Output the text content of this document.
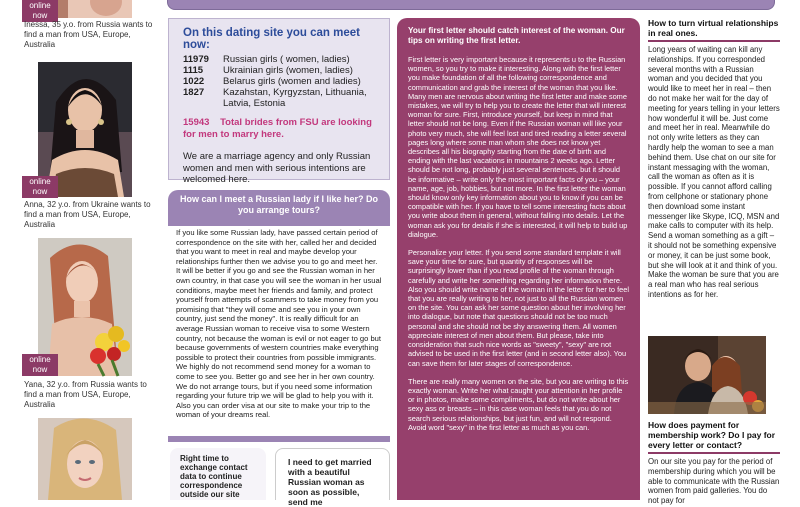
online now
Inessa, 35 y.o. from Russia wants to find a man from USA, Europe, Australia
online now
Anna, 32 y.o. from Ukraine wants to find a man from USA, Europe, Australia
online now
Yana, 32 y.o. from Russia wants to find a man from USA, Europe, Australia
On this dating site you can meet now:
11979	Russian girls ( women, ladies)
1115	Ukrainian girls (women, ladies)
1022	Belarus girls (women and ladies)
1827	Kazahstan, Kyrgyzstan, Lithuania, Latvia, Estonia
15943 Total brides from FSU are looking for men to marry here.
We are a marriage agency and only Russian women and men with serious intentions are welcomed here.
How can I meet a Russian lady if I like her? Do you arrange tours?
If you like some Russian lady, have passed certain period of correspondence on the site with her, called her and decided that you want to meet in real and maybe develop your relationships further then we advise you to go and meet her. It will be better if you go and see the Russian woman in her own country, in that case you will see the woman in her usual conditions, maybe meet her friends and family, and protect yourself from attempts of scammers to take money from you promising that "they will come and see you in your own country, just send the money". It is really difficult for an average Russian woman to receive visa to some Western country, not because the woman is evil or not eager to go but because governments of western countries make everything possible to protect their countries from possible immigrants. We highly do not recommend send money for a woman to come to see you. Better go and see her in her own country. We do not arrange tours, but if you need some information regarding your future trip we will be glad to help you with it. Also you can order visa at our site to make your trip to the woman of your dreams real.
Right time to exchange contact data to continue correspondence outside our site
I need to get married with a beautiful Russian woman as soon as possible, send me
Your first letter should catch interest of the woman. Our tips on writing the first letter.

First letter is very important because it represents u to the Russian women, so you try to make it interesting. Along with the first letter you make foundation of all the following correspondence and communication and grab the interest of the woman that you like. Many men are nervous about writing the first letter and make some mistakes, we will try to help you to create the letter that will interest woman for sure. First, introduce yourself, but keep in mind that letter should not be long. Even if the Russian woman will like your photo very much, she will feel lost and tired reading a letter several pages long where some man whom she does not know yet describes all his biography starting from the date of birth and ending with the last vacations in mountains 2 weeks ago. Letter should be not long, probably just several sentences, but it should be informative – write only the most important facts of you – your name, age, job, hobbies, but not more. In the first letter the woman should know only key information about you to know if you can be compatible with her. If you have to tell some interesting facts about you write about them in general, without falling into details. Let the woman ask you for details if she is interested, it will help to build up dialogue.

Personalize your letter. If you send some standard template it will save your time for sure, but quantity of responses will be surprisingly lower than if you read profile of the woman through carefully and write her something regarding her information there. Also you should write name of the woman in the letter for her to feel that you are really writing to her, not just to all the Russian women on the site. You can ask her some question about her involving her into dialogue, but note that questions should not be too much personal and she should not be shy answering them. All women appreciate interest of men about them. But please, take into consideration that such nice words as "sweety", "sexy" are not advised to be used in the first letter (and in second letter also). You can save them for later stages of correspondence.

There are really many women on the site, but you are writing to this exactly woman. Write her what caught your attention in her profile or in photos, make some compliments, but do not write about her sexy ass or breasts – in this case woman feels that you do not search serious relationships, but just fun, and will not respond. Avoid word "sexy" in the first letter as much as you can.

How to turn virtual relationships in real ones.

Long years of waiting can kill any relationships. If you corresponded several months with a Russian woman and you decided that you would like to meet her in real – then do not make her wait for the day of meeting for years telling in your letters how wonderful it will be. Just come and meet her in real. Meanwhile do not only write letters as they can hardly help the woman to see a man behind them. Use chat on our site for instant messaging with the woman, call the woman as often as it is possible. If you cannot afford calling from cellphone or stationary phone then download some instant messenger like Skype, ICQ, MSN and make calls to computer with its help. Send a woman something as a gift – it should not be something expensive or money, it can be just some book, but she will look at it and think of you. Make the woman be sure that you are a real man who has real serious intentions as for her.

How does payment for membership work? Do I pay for every letter or contact?

On our site you pay for the period of membership during which you will be able to communicate with the Russian women from paid galleries. You do not pay for
